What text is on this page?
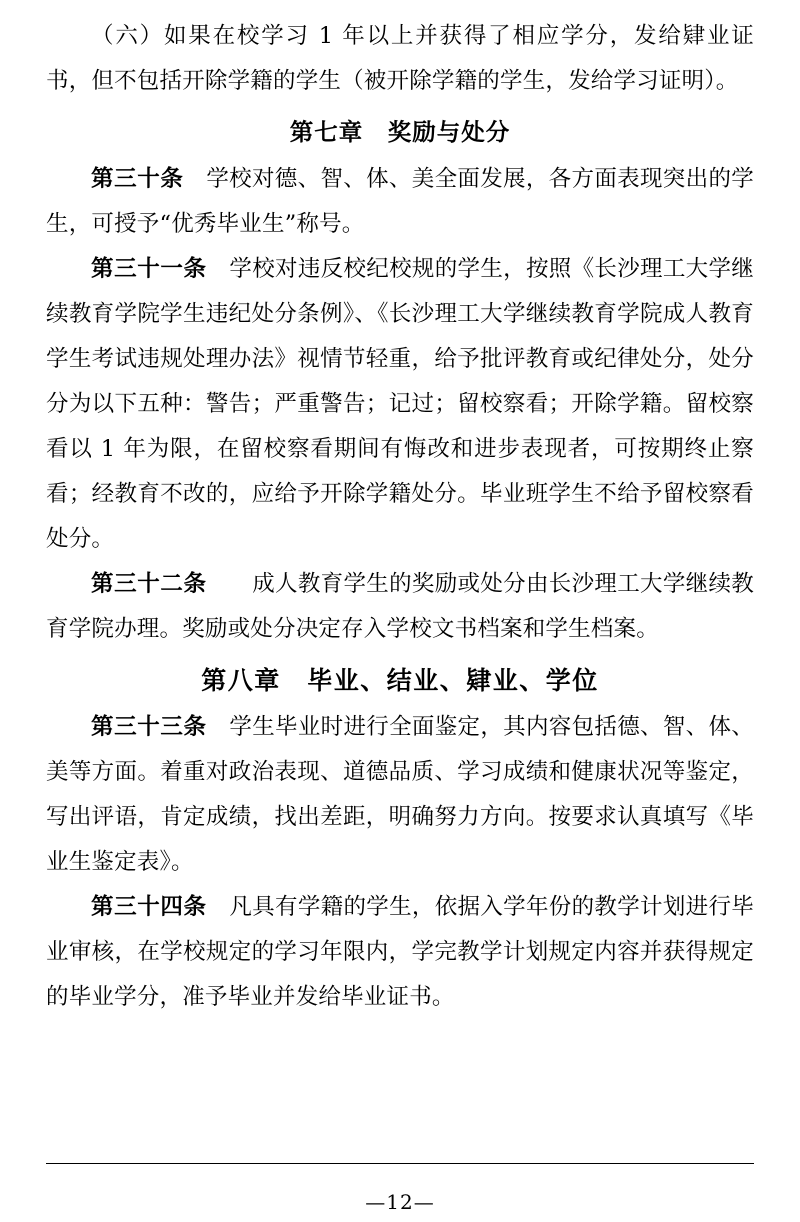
（六）如果在校学习 1 年以上并获得了相应学分，发给肄业证书，但不包括开除学籍的学生（被开除学籍的学生，发给学习证明）。

第七章　奖励与处分

第三十条　学校对德、智、体、美全面发展，各方面表现突出的学生，可授予“优秀毕业生”称号。

第三十一条　学校对违反校纪校规的学生，按照《长沙理工大学继续教育学院学生违纪处分条例》、《长沙理工大学继续教育学院成人教育学生考试违规处理办法》视情节轻重，给予批评教育或纪律处分，处分分为以下五种：警告；严重警告；记过；留校察看；开除学籍。留校察看以 1 年为限，在留校察看期间有悔改和进步表现者，可按期终止察看；经教育不改的，应给予开除学籍处分。毕业班学生不给予留校察看处分。

第三十二条　　成人教育学生的奖励或处分由长沙理工大学继续教育学院办理。奖励或处分决定存入学校文书档案和学生档案。

第八章　毕业、结业、肄业、学位

第三十三条　学生毕业时进行全面鉴定，其内容包括德、智、体、美等方面。着重对政治表现、道德品质、学习成绩和健康状况等鉴定，写出评语，肯定成绩，找出差距，明确努力方向。按要求认真填写《毕业生鉴定表》。

第三十四条　凡具有学籍的学生，依据入学年份的教学计划进行毕业审核，在学校规定的学习年限内，学完教学计划规定内容并获得规定的毕业学分，准予毕业并发给毕业证书。

—12—
